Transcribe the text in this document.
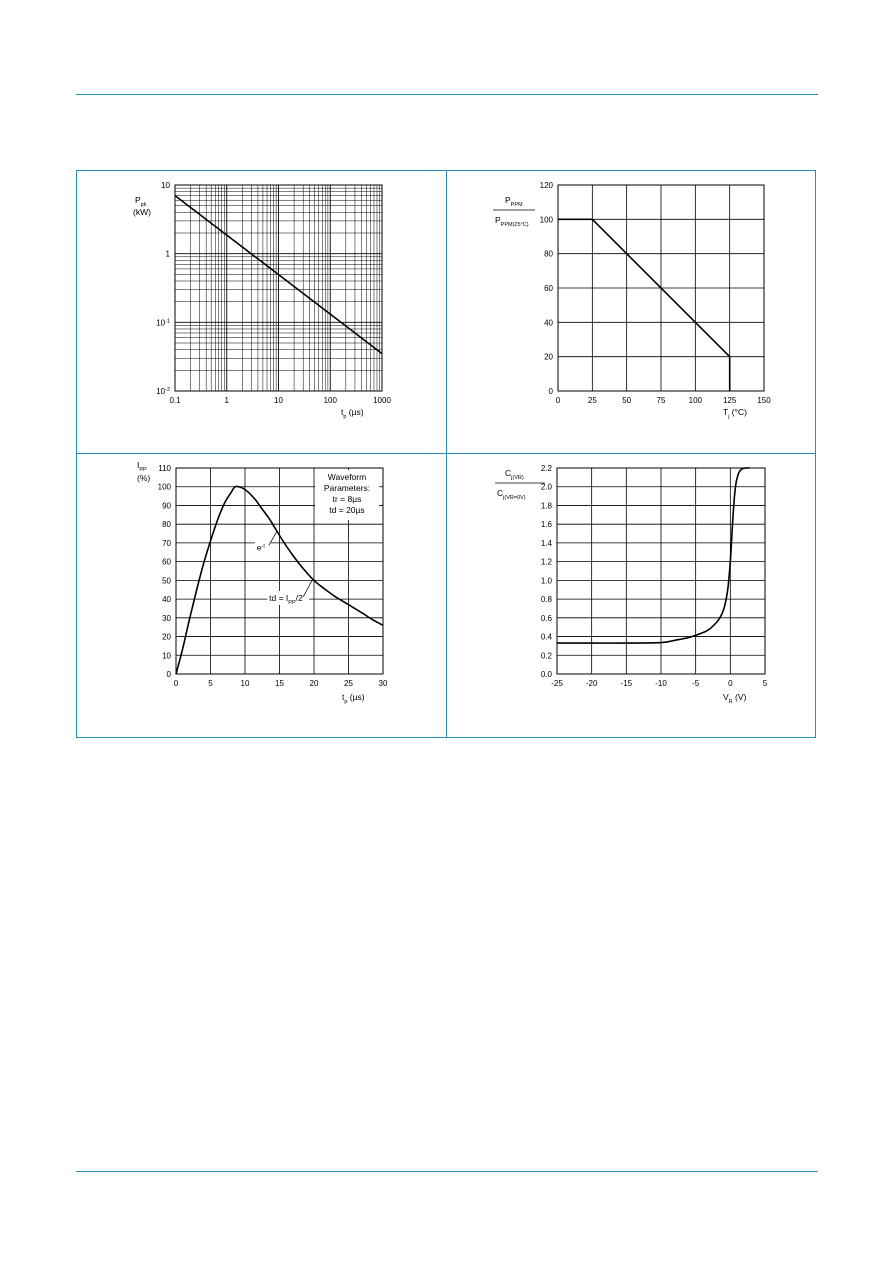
0.1	1	10	100	1000
$10^{-2}$
$10^{-1}$
1
10
$P_{pk}$
(kW)
$t_p$ (µs)
0	25	50	75	100	125	150
0
20
40
60
80
100
120
$P_{PPM}$
$P_{PPM(25^\circ C)}$
$T_j$ (°C)
0	5	10	15	20	25	30
0
10
20
30
40
50
60
70
80
90
100
110
$I_{PP}$
(%)
$t_p$ (µs)
Waveform
Parameters:
tr = 8µs
td = 20µs
$e^{-t}$
td = $I_{PP}/2$
-25	-20	-15	-10	-5	0	5
0.0
0.2
0.4
0.6
0.8
1.0
1.2
1.4
1.6
1.8
2.0
2.2
$C_{j(VR)}$
$C_{j(VR=0V)}$
$V_R$ (V)
